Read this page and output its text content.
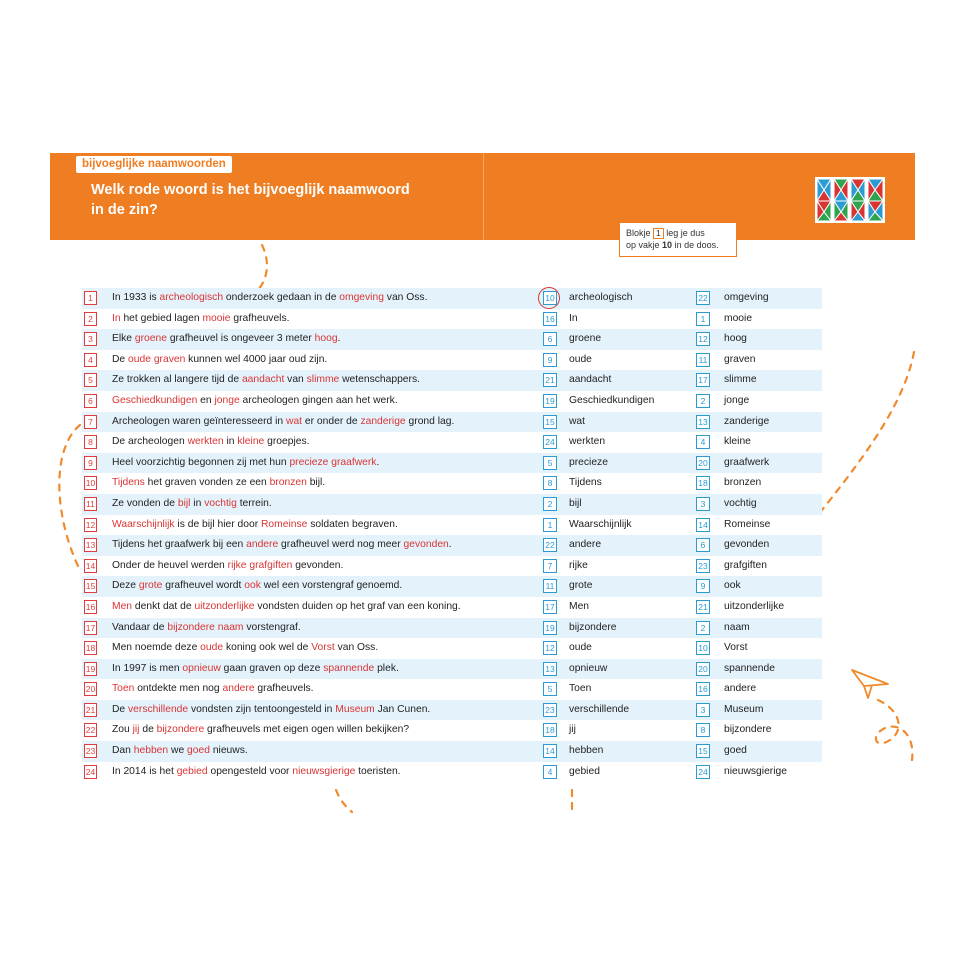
bijvoeglijke naamwoorden
Welk rode woord is het bijvoeglijk naamwoord
in de zin?
Blokje 1 leg je dus
op vakje 10 in de doos.
1	In 1933 is archeologisch onderzoek gedaan in de omgeving van Oss.	10 archeologisch	22 omgeving
2	In het gebied lagen mooie grafheuvels.	16 In	1	mooie
3	Elke groene grafheuvel is ongeveer 3 meter hoog.	6	groene	12 hoog
4	De oude graven kunnen wel 4000 jaar oud zijn.	9	oude	11 graven
5	Ze trokken al langere tijd de aandacht van slimme wetenschappers.	21 aandacht	17 slimme
6	Geschiedkundigen en jonge archeologen gingen aan het werk.	19 Geschiedkundigen	2	jonge
7	Archeologen waren geïnteresseerd in wat er onder de zanderige grond lag.	15 wat	13 zanderige
8	De archeologen werkten in kleine groepjes.	24 werkten	4	kleine
9	Heel voorzichtig begonnen zij met hun precieze graafwerk.	5	precieze	20 graafwerk
10 Tijdens het graven vonden ze een bronzen bijl.	8	Tijdens	18 bronzen
11 Ze vonden de bijl in vochtig terrein.	2	bijl	3	vochtig
12 Waarschijnlijk is de bijl hier door Romeinse soldaten begraven.	1	Waarschijnlijk	14 Romeinse
13 Tijdens het graafwerk bij een andere grafheuvel werd nog meer gevonden.	22 andere	6	gevonden
14 Onder de heuvel werden rijke grafgiften gevonden.	7	rijke	23 grafgiften
15 Deze grote grafheuvel wordt ook wel een vorstengraf genoemd.	11 grote	9	ook
16 Men denkt dat de uitzonderlijke vondsten duiden op het graf van een koning.	17 Men	21 uitzonderlijke
17 Vandaar de bijzondere naam vorstengraf.	19 bijzondere	2	naam
18 Men noemde deze oude koning ook wel de Vorst van Oss.	12 oude	10 Vorst
19 In 1997 is men opnieuw gaan graven op deze spannende plek.	13 opnieuw	20 spannende
20 Toen ontdekte men nog andere grafheuvels.	5	Toen	16 andere
21 De verschillende vondsten zijn tentoongesteld in Museum Jan Cunen.	23 verschillende	3	Museum
22 Zou jij de bijzondere grafheuvels met eigen ogen willen bekijken?	18 jij	8	bijzondere
23 Dan hebben we goed nieuws.	14 hebben	15 goed
24 In 2014 is het gebied opengesteld voor nieuwsgierige toeristen.	4	gebied	24 nieuwsgierige
